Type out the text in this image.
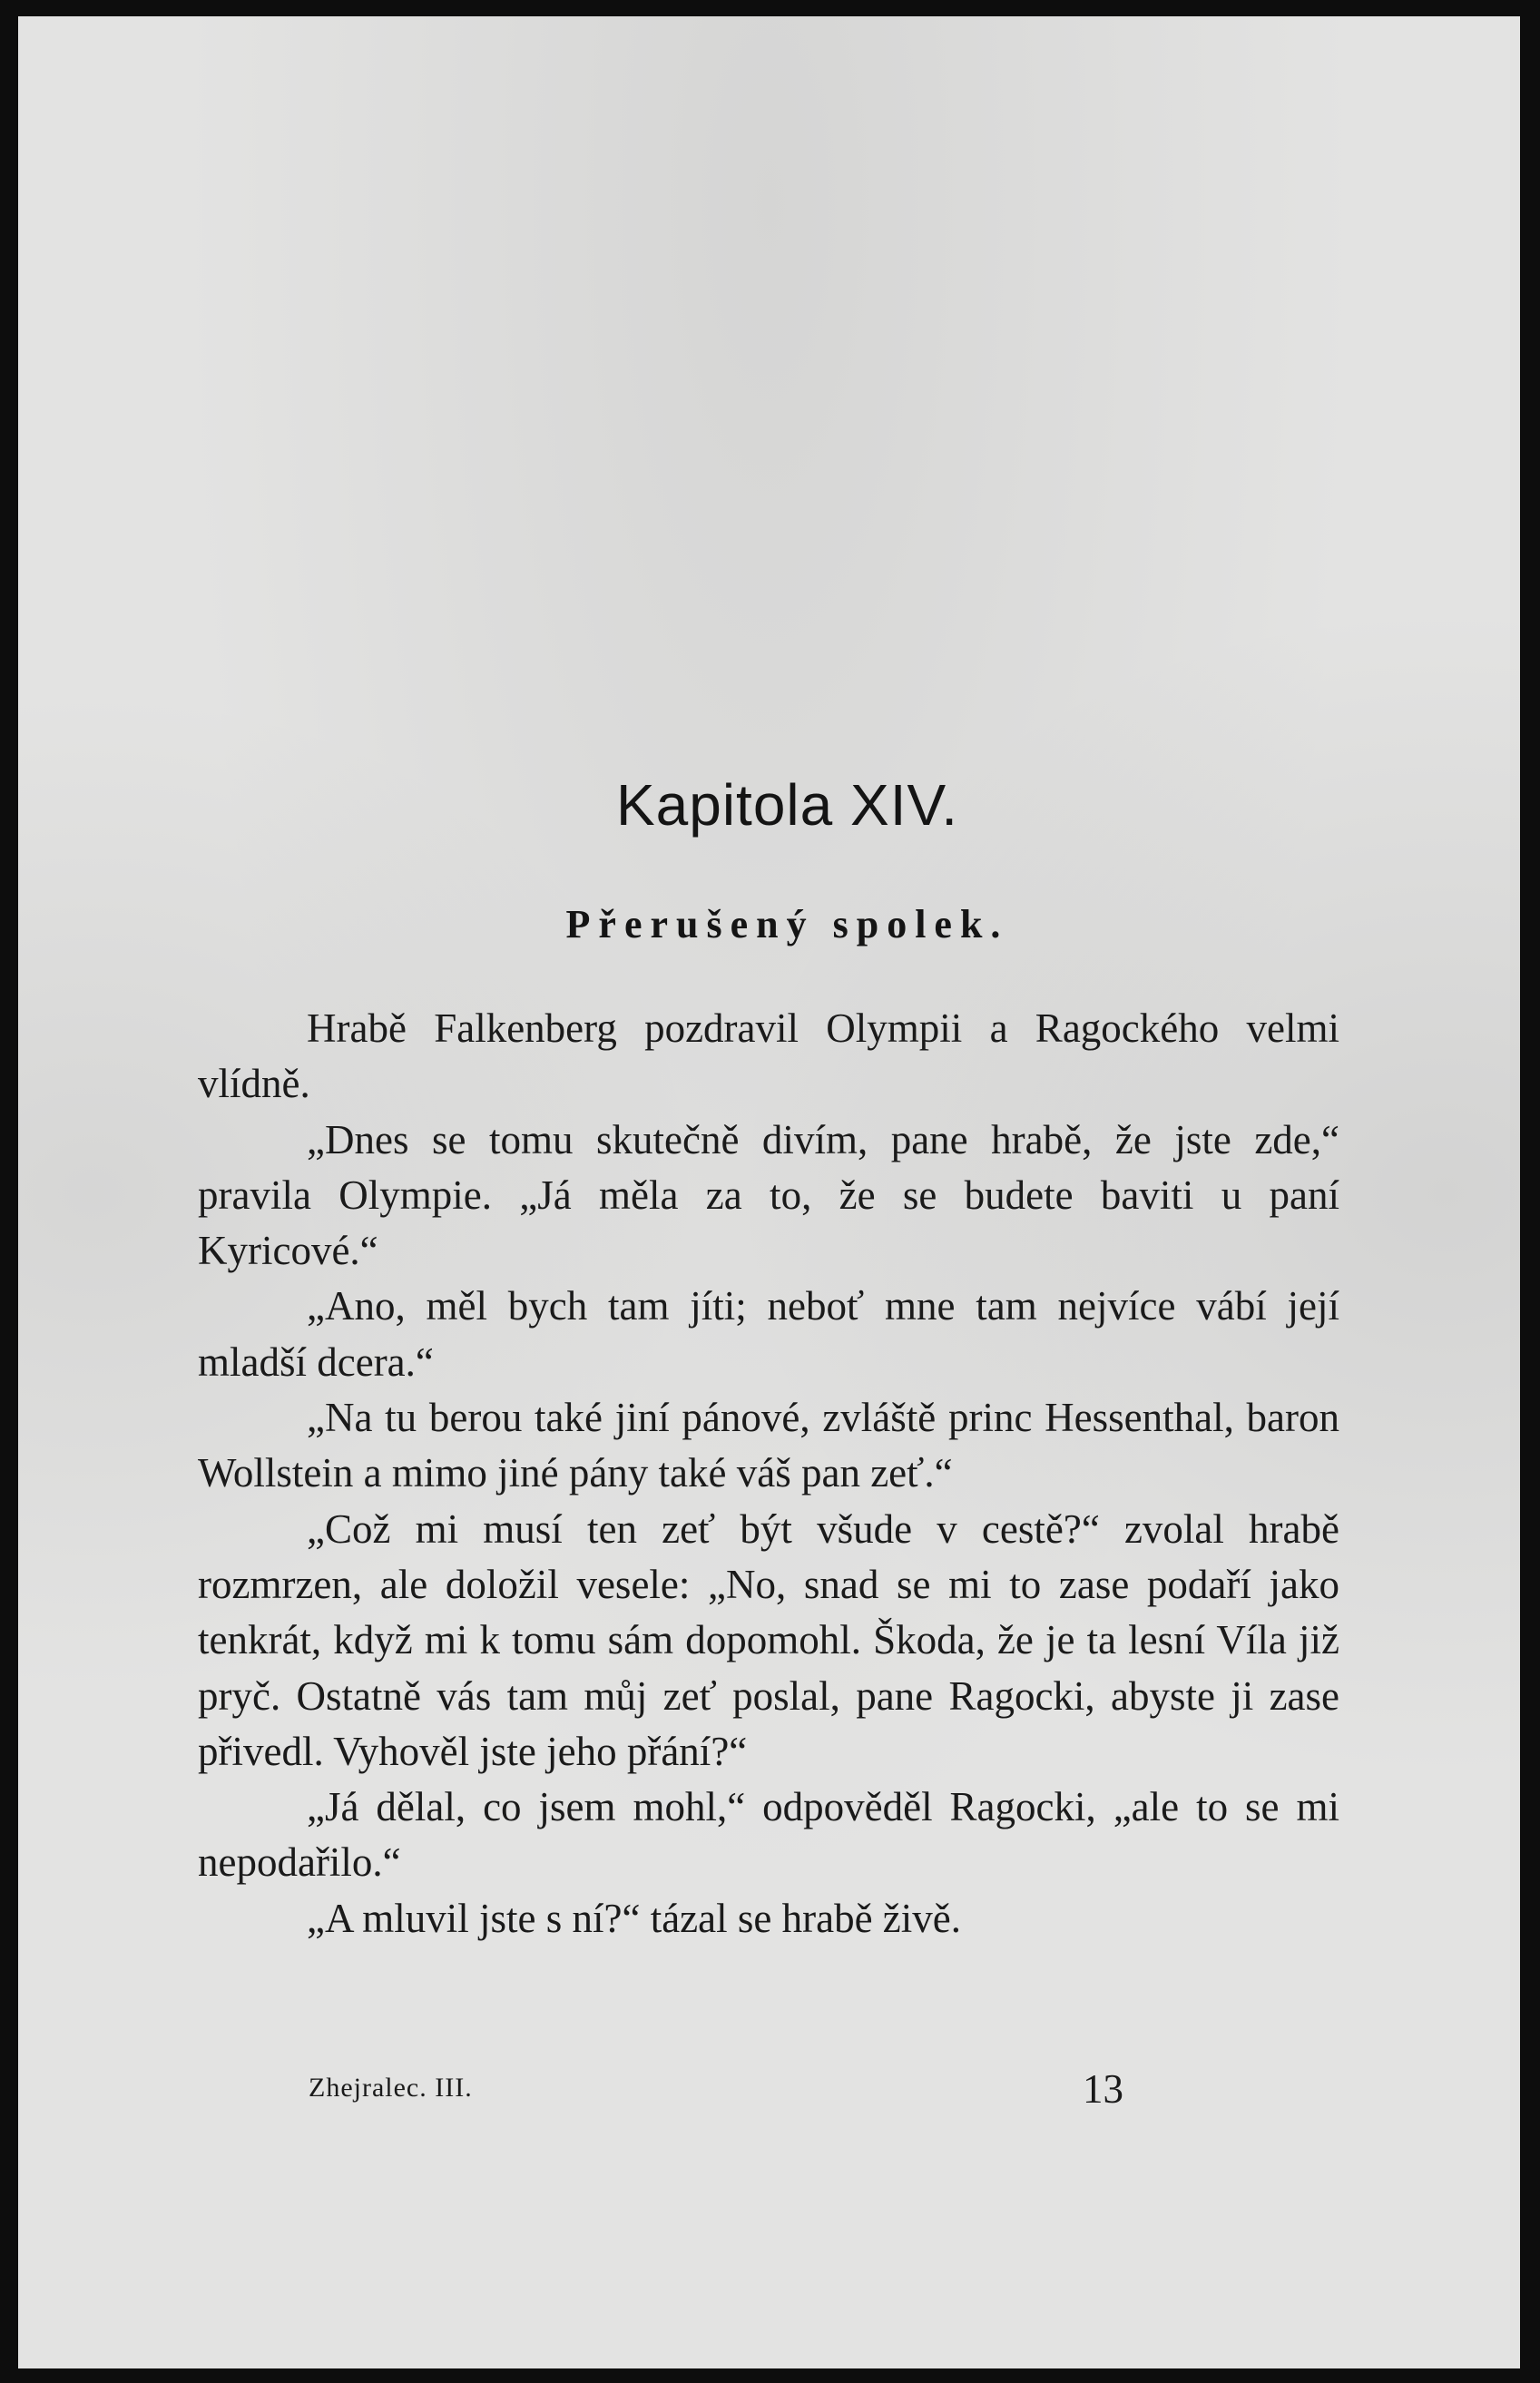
Kapitola XIV.
Přerušený spolek.

Hrabě Falkenberg pozdravil Olympii a Ragockého velmi vlídně.

„Dnes se tomu skutečně divím, pane hrabě, že jste zde,“ pravila Olympie. „Já měla za to, že se budete baviti u paní Kyricové.“

„Ano, měl bych tam jíti; neboť mne tam nejvíce vábí její mladší dcera.“

„Na tu berou také jiní pánové, zvláště princ Hessenthal, baron Wollstein a mimo jiné pány také váš pan zeť.“

„Což mi musí ten zeť být všude v cestě?“ zvolal hrabě rozmrzen, ale doložil vesele: „No, snad se mi to zase podaří jako tenkrát, když mi k tomu sám dopomohl. Škoda, že je ta lesní Víla již pryč. Ostatně vás tam můj zeť poslal, pane Ragocki, abyste ji zase přivedl. Vyhověl jste jeho přání?“

„Já dělal, co jsem mohl,“ odpověděl Ragocki, „ale to se mi nepodařilo.“

„A mluvil jste s ní?“ tázal se hrabě živě.

Zhejralec. III.	13
